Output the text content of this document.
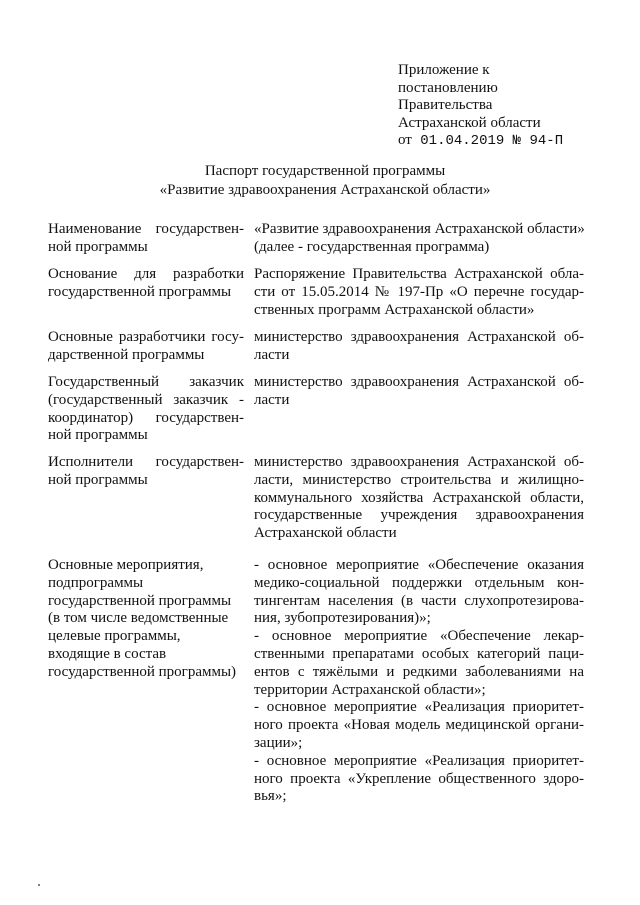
Приложение к
постановлению
Правительства
Астраханской области
от 01.04.2019 № 94-П
Паспорт государственной программы
«Развитие здравоохранения Астраханской области»
Наименование государствен-
ной программы
«Развитие здравоохранения Астраханской области»
(далее - государственная программа)
Основание для разработки
государственной программы
Распоряжение Правительства Астраханской обла-
сти от 15.05.2014 № 197-Пр «О перечне государ-
ственных программ Астраханской области»
Основные разработчики госу-
дарственной программы
министерство здравоохранения Астраханской об-
ласти
Государственный заказчик
(государственный заказчик -
координатор) государствен-
ной программы
министерство здравоохранения Астраханской об-
ласти
Исполнители государствен-
ной программы
министерство здравоохранения Астраханской об-
ласти, министерство строительства и жилищно-
коммунального хозяйства Астраханской области,
государственные учреждения здравоохранения
Астраханской области
Основные мероприятия,
подпрограммы
государственной программы
(в том числе ведомственные
целевые программы,
входящие в состав
государственной программы)
- основное мероприятие «Обеспечение оказания
медико-социальной поддержки отдельным кон-
тингентам населения (в части слухопротезирова-
ния, зубопротезирования)»;
- основное мероприятие «Обеспечение лекар-
ственными препаратами особых категорий паци-
ентов с тяжёлыми и редкими заболеваниями на
территории Астраханской области»;
- основное мероприятие «Реализация приоритет-
ного проекта «Новая модель медицинской органи-
зации»;
- основное мероприятие «Реализация приоритет-
ного проекта «Укрепление общественного здоро-
вья»;
